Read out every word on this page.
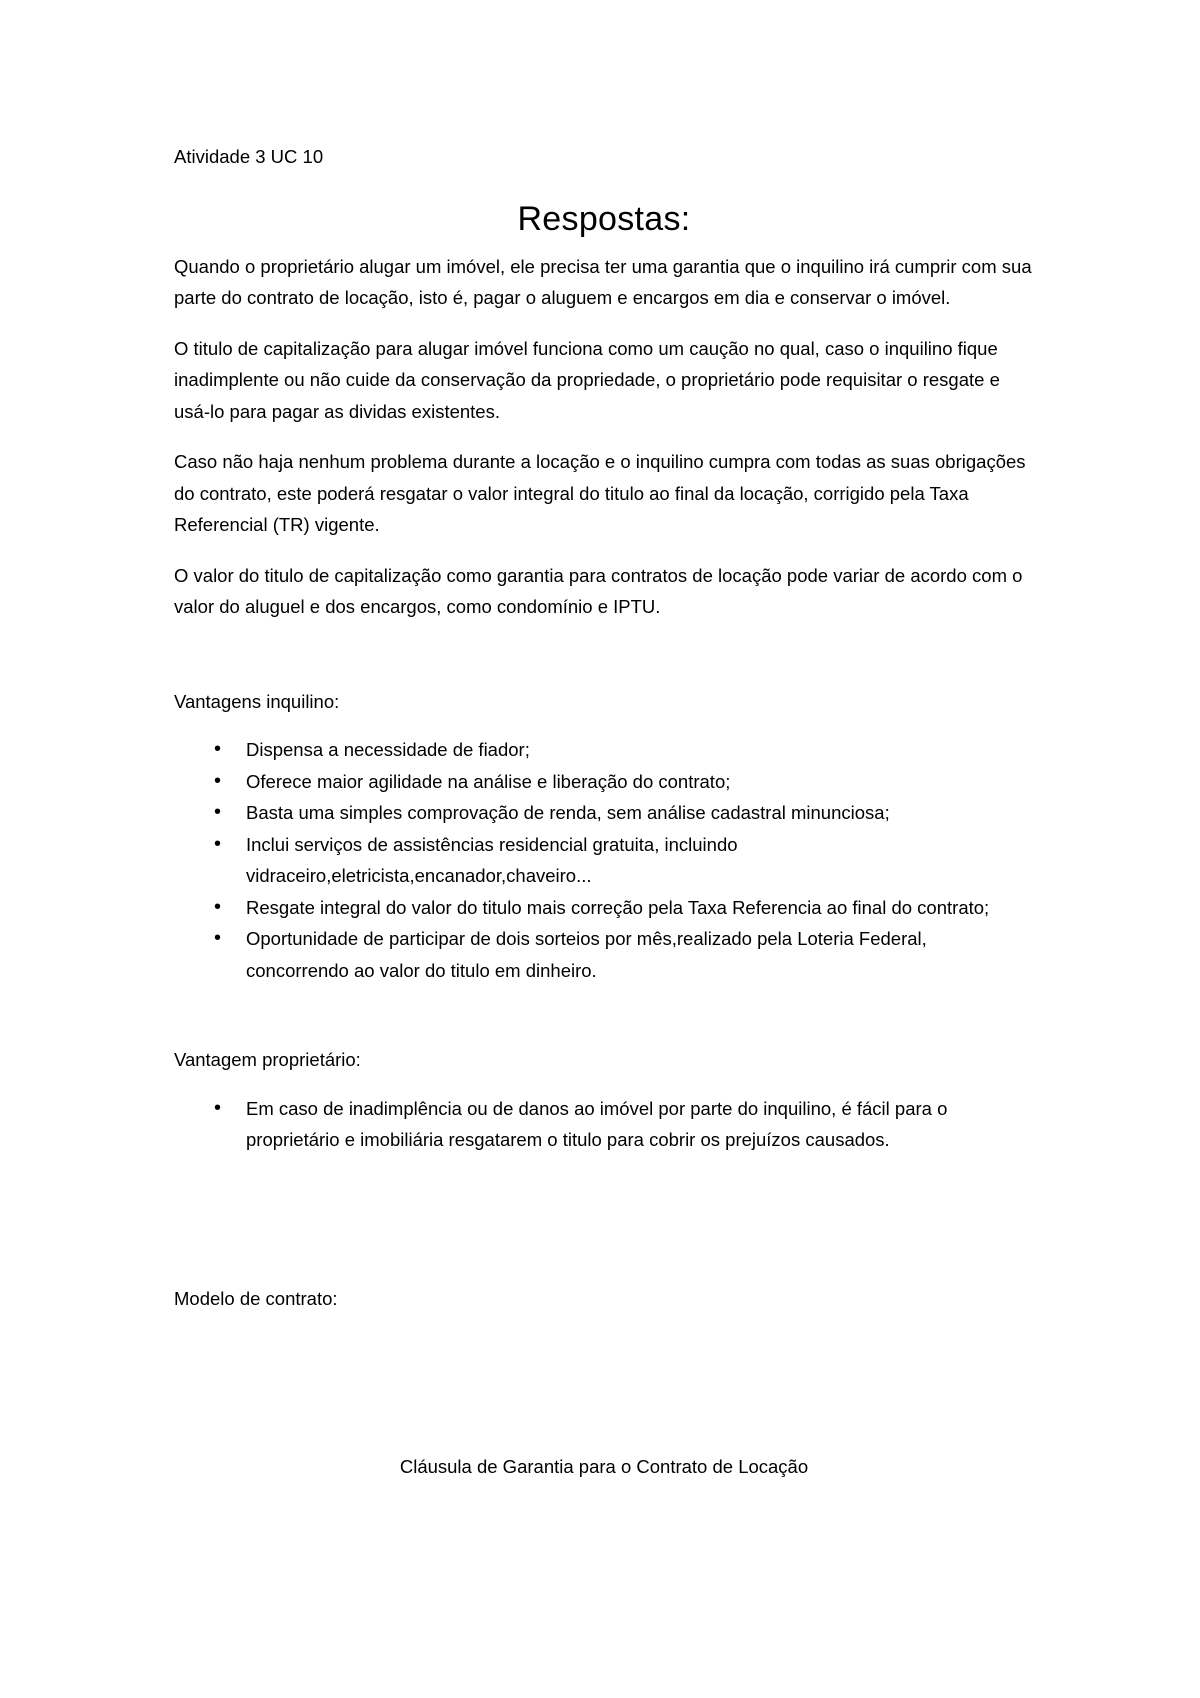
Atividade 3 UC 10

Respostas:

Quando o proprietário alugar um imóvel, ele precisa ter uma garantia que o inquilino irá cumprir com sua parte do contrato de locação, isto é, pagar o aluguem e encargos em dia e conservar o imóvel.

O titulo de capitalização para alugar imóvel funciona como um caução no qual, caso o inquilino fique inadimplente ou não cuide da conservação da propriedade, o proprietário pode requisitar o resgate e usá-lo para pagar as dividas existentes.

Caso não haja nenhum problema durante a locação e o inquilino cumpra com todas as suas obrigações do contrato, este poderá resgatar o valor integral do titulo ao final da locação, corrigido pela Taxa Referencial (TR) vigente.

O valor do titulo de capitalização como garantia para contratos de locação pode variar de acordo com o valor do aluguel e dos encargos, como condomínio e IPTU.

Vantagens inquilino:

• Dispensa a necessidade de fiador;
• Oferece maior agilidade na análise e liberação do contrato;
• Basta uma simples comprovação de renda, sem análise cadastral minunciosa;
• Inclui serviços de assistências residencial gratuita, incluindo vidraceiro,eletricista,encanador,chaveiro...
• Resgate integral do valor do titulo mais correção pela Taxa Referencia ao final do contrato;
• Oportunidade de participar de dois sorteios por mês,realizado pela Loteria Federal, concorrendo ao valor do titulo em dinheiro.

Vantagem proprietário:

• Em caso de inadimplência ou de danos ao imóvel por parte do inquilino, é fácil para o proprietário e imobiliária resgatarem o titulo para cobrir os prejuízos causados.

Modelo de contrato:

Cláusula de Garantia para o Contrato de Locação
